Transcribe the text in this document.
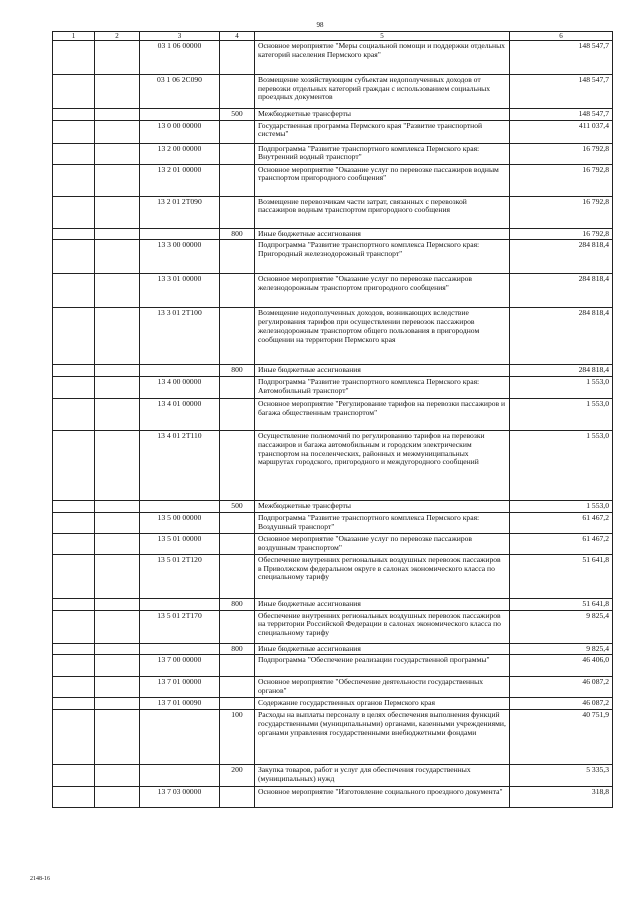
98
1	2	3	4	5	6
		03 1 06 00000		Основное мероприятие "Меры социальной помощи и поддержки отдельных категорий населения Пермского края"	148 547,7
		03 1 06 2С090		Возмещение хозяйствующим субъектам недополученных доходов от перевозки отдельных категорий граждан с использованием социальных проездных документов	148 547,7
			500	Межбюджетные трансферты	148 547,7
		13 0 00 00000		Государственная программа Пермского края "Развитие транспортной системы"	411 037,4
		13 2 00 00000		Подпрограмма "Развитие транспортного комплекса Пермского края: Внутренний водный транспорт"	16 792,8
		13 2 01 00000		Основное мероприятие "Оказание услуг по перевозке пассажиров водным транспортом пригородного сообщения"	16 792,8
		13 2 01 2Т090		Возмещение перевозчикам части затрат, связанных с перевозкой пассажиров водным транспортом пригородного сообщения	16 792,8
			800	Иные бюджетные ассигнования	16 792,8
		13 3 00 00000		Подпрограмма "Развитие транспортного комплекса Пермского края: Пригородный железнодорожный транспорт"	284 818,4
		13 3 01 00000		Основное мероприятие "Оказание услуг по перевозке пассажиров железнодорожным транспортом пригородного сообщения"	284 818,4
		13 3 01 2Т100		Возмещение недополученных доходов, возникающих вследствие регулирования тарифов при осуществлении перевозок пассажиров железнодорожным транспортом общего пользования в пригородном сообщении на территории Пермского края	284 818,4
			800	Иные бюджетные ассигнования	284 818,4
		13 4 00 00000		Подпрограмма "Развитие транспортного комплекса Пермского края: Автомобильный транспорт"	1 553,0
		13 4 01 00000		Основное мероприятие "Регулирование тарифов на перевозки пассажиров и багажа общественным транспортом"	1 553,0
		13 4 01 2Т110		Осуществление полномочий по регулированию тарифов на перевозки пассажиров и багажа автомобильным и городским электрическим транспортом на поселенческих, районных и межмуниципальных маршрутах городского, пригородного и междугородного сообщений	1 553,0
			500	Межбюджетные трансферты	1 553,0
		13 5 00 00000		Подпрограмма "Развитие транспортного комплекса Пермского края: Воздушный транспорт"	61 467,2
		13 5 01 00000		Основное мероприятие "Оказание услуг по перевозке пассажиров воздушным транспортом"	61 467,2
		13 5 01 2Т120		Обеспечение внутренних региональных воздушных перевозок пассажиров в Приволжском федеральном округе в салонах экономического класса по специальному тарифу	51 641,8
			800	Иные бюджетные ассигнования	51 641,8
		13 5 01 2Т170		Обеспечение внутренних региональных воздушных перевозок пассажиров на территории Российской Федерации в салонах экономического класса по специальному тарифу	9 825,4
			800	Иные бюджетные ассигнования	9 825,4
		13 7 00 00000		Подпрограмма "Обеспечение реализации государственной программы"	46 406,0
		13 7 01 00000		Основное мероприятие "Обеспечение деятельности государственных органов"	46 087,2
		13 7 01 00090		Содержание государственных органов Пермского края	46 087,2
			100	Расходы на выплаты персоналу в целях обеспечения выполнения функций государственными (муниципальными) органами, казенными учреждениями, органами управления государственными внебюджетными фондами	40 751,9
			200	Закупка товаров, работ и услуг для обеспечения государственных (муниципальных) нужд	5 335,3
		13 7 03 00000		Основное мероприятие "Изготовление социального проездного документа"	318,8
2148-16
